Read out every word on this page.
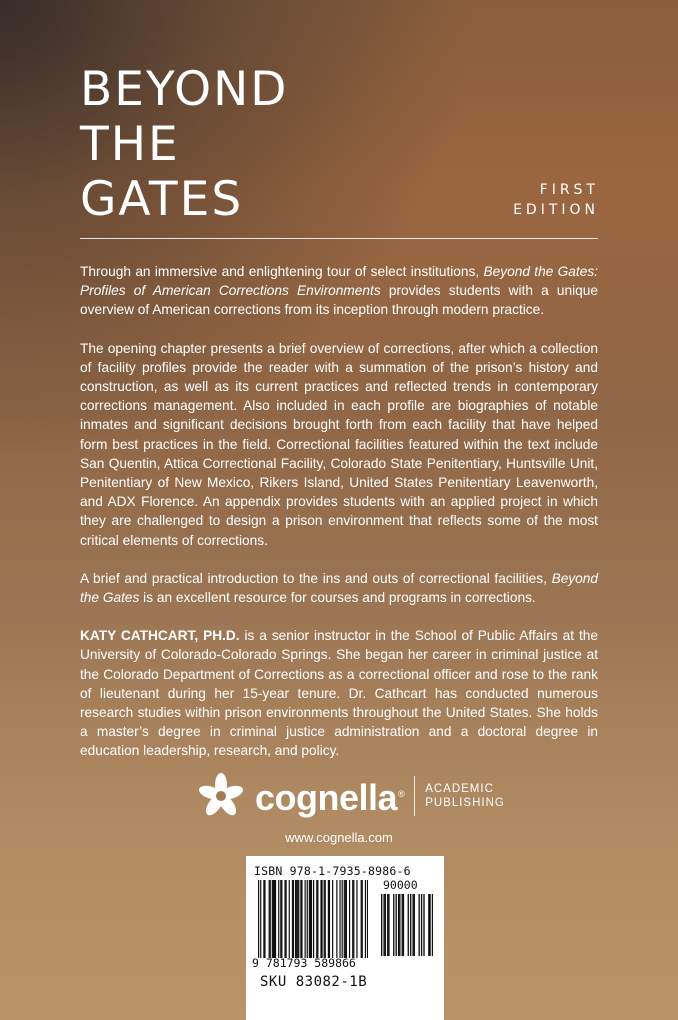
BEYOND
THE
GATES	FIRST
EDITION

Through an immersive and enlightening tour of select institutions, Beyond the Gates: Profiles of American Corrections Environments provides students with a unique overview of American corrections from its inception through modern practice.

The opening chapter presents a brief overview of corrections, after which a collection of facility profiles provide the reader with a summation of the prison’s history and construction, as well as its current practices and reflected trends in contemporary corrections management. Also included in each profile are biographies of notable inmates and significant decisions brought forth from each facility that have helped form best practices in the field. Correctional facilities featured within the text include San Quentin, Attica Correctional Facility, Colorado State Penitentiary, Huntsville Unit, Penitentiary of New Mexico, Rikers Island, United States Penitentiary Leavenworth, and ADX Florence. An appendix provides students with an applied project in which they are challenged to design a prison environment that reflects some of the most critical elements of corrections.

A brief and practical introduction to the ins and outs of correctional facilities, Beyond the Gates is an excellent resource for courses and programs in corrections.

KATY CATHCART, PH.D. is a senior instructor in the School of Public Affairs at the University of Colorado-Colorado Springs. She began her career in criminal justice at the Colorado Department of Corrections as a correctional officer and rose to the rank of lieutenant during her 15-year tenure. Dr. Cathcart has conducted numerous research studies within prison environments throughout the United States. She holds a master’s degree in criminal justice administration and a doctoral degree in education leadership, research, and policy.

cognella® ACADEMIC
PUBLISHING
www.cognella.com
ISBN 978-1-7935-8986-6
9 781793 589866
90000
SKU 83082-1B
